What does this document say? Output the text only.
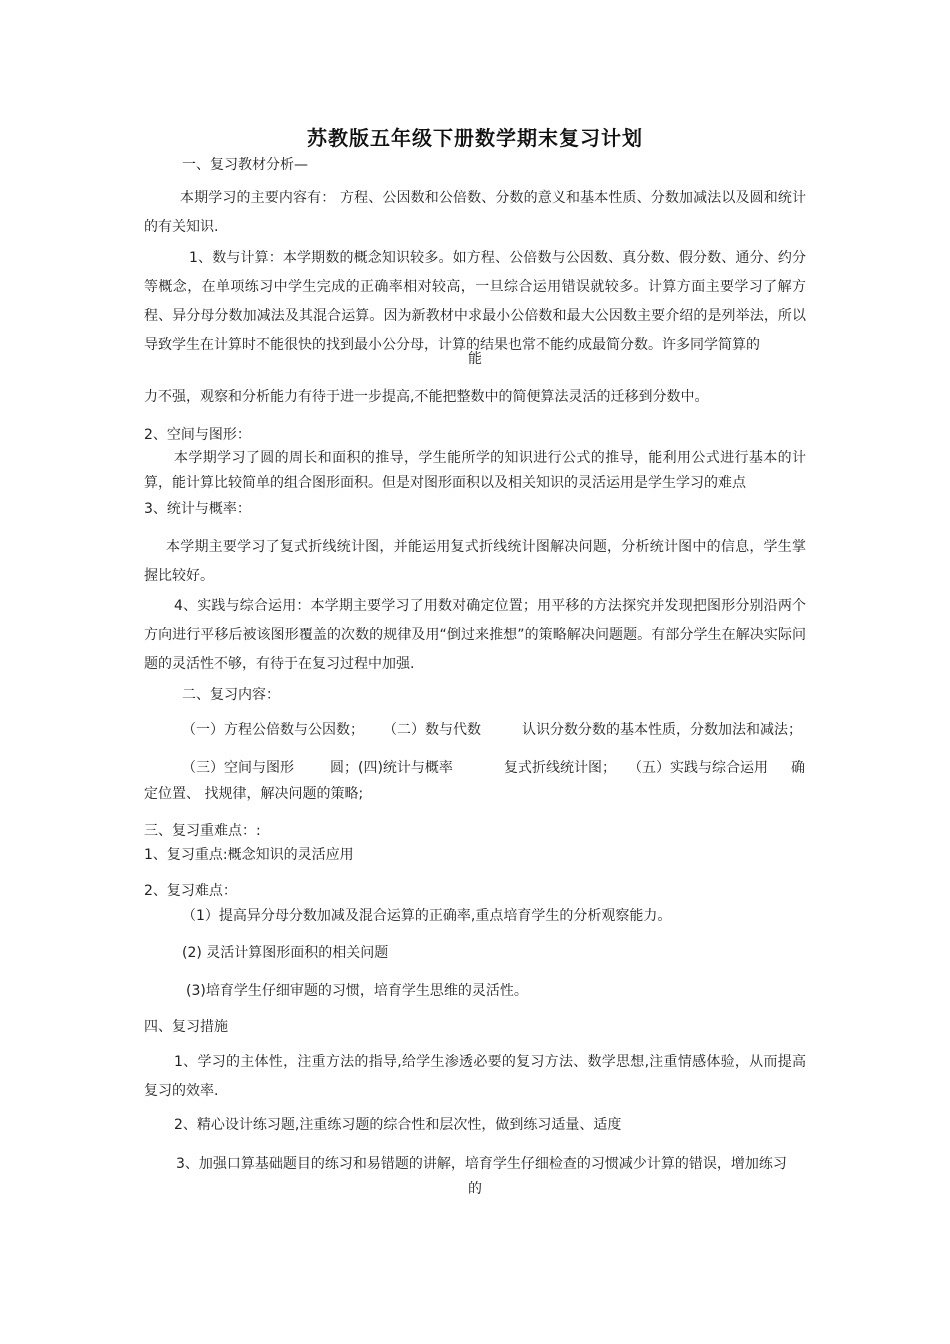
苏教版五年级下册数学期末复习计划
一、复习教材分析—
本期学习的主要内容有： 方程、公因数和公倍数、分数的意义和基本性质、分数加减法以及圆和统计的有关知识.
1、数与计算：本学期数的概念知识较多。如方程、公倍数与公因数、真分数、假分数、通分、约分等概念，在单项练习中学生完成的正确率相对较高，一旦综合运用错误就较多。计算方面主要学习了解方程、异分母分数加减法及其混合运算。因为新教材中求最小公倍数和最大公因数主要介绍的是列举法，所以导致学生在计算时不能很快的找到最小公分母，计算的结果也常不能约成最简分数。许多同学简算的
能
力不强，观察和分析能力有待于进一步提高,不能把整数中的简便算法灵活的迁移到分数中。
2、空间与图形：
本学期学习了圆的周长和面积的推导，学生能所学的知识进行公式的推导，能利用公式进行基本的计算，能计算比较简单的组合图形面积。但是对图形面积以及相关知识的灵活运用是学生学习的难点
3、统计与概率：
本学期主要学习了复式折线统计图，并能运用复式折线统计图解决问题，分析统计图中的信息，学生掌握比较好。
4、实践与综合运用：本学期主要学习了用数对确定位置；用平移的方法探究并发现把图形分别沿两个方向进行平移后被该图形覆盖的次数的规律及用“倒过来推想”的策略解决问题题。有部分学生在解决实际问题的灵活性不够，有待于在复习过程中加强.
二、复习内容：
（一）方程公倍数与公因数； （二）数与代数	认识分数分数的基本性质，分数加法和减法；
（三）空间与图形	圆；(四)统计与概率	复式折线统计图； （五）实践与综合运用 确
定位置、 找规律，解决问题的策略;
三、复习重难点：:
1、复习重点:概念知识的灵活应用
2、复习难点：
（1）提高异分母分数加减及混合运算的正确率,重点培育学生的分析观察能力。
(2) 灵活计算图形面积的相关问题
(3)培育学生仔细审题的习惯，培育学生思维的灵活性。
四、复习措施
1、学习的主体性，注重方法的指导,给学生渗透必要的复习方法、数学思想,注重情感体验，从而提高复习的效率.
2、精心设计练习题,注重练习题的综合性和层次性，做到练习适量、适度
3、加强口算基础题目的练习和易错题的讲解，培育学生仔细检查的习惯减少计算的错误，增加练习
的
